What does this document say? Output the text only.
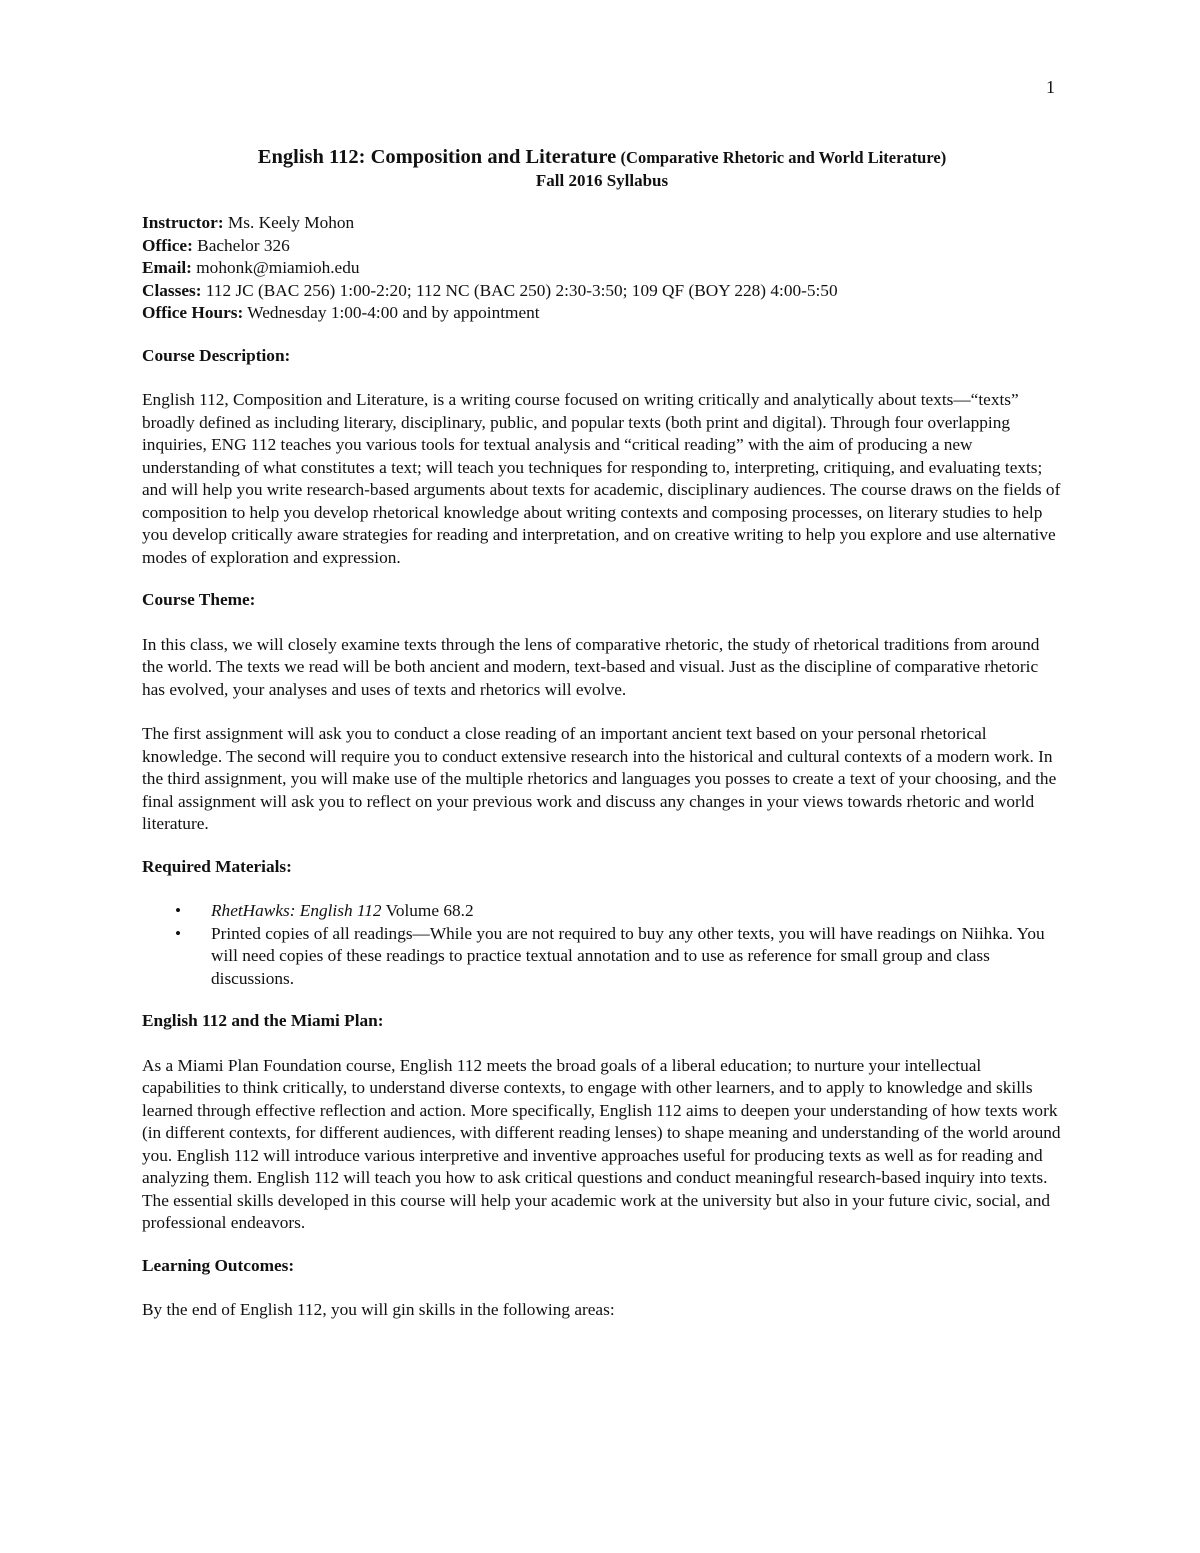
1

English 112: Composition and Literature (Comparative Rhetoric and World Literature)

Fall 2016 Syllabus

Instructor: Ms. Keely Mohon

Office: Bachelor 326

Email: mohonk@miamioh.edu

Classes: 112 JC (BAC 256) 1:00-2:20; 112 NC (BAC 250) 2:30-3:50; 109 QF (BOY 228) 4:00-5:50

Office Hours: Wednesday 1:00-4:00 and by appointment

Course Description:

English 112, Composition and Literature, is a writing course focused on writing critically and analytically about texts—“texts” broadly defined as including literary, disciplinary, public, and popular texts (both print and digital). Through four overlapping inquiries, ENG 112 teaches you various tools for textual analysis and “critical reading” with the aim of producing a new understanding of what constitutes a text; will teach you techniques for responding to, interpreting, critiquing, and evaluating texts; and will help you write research-based arguments about texts for academic, disciplinary audiences. The course draws on the fields of composition to help you develop rhetorical knowledge about writing contexts and composing processes, on literary studies to help you develop critically aware strategies for reading and interpretation, and on creative writing to help you explore and use alternative modes of exploration and expression.

Course Theme:

In this class, we will closely examine texts through the lens of comparative rhetoric, the study of rhetorical traditions from around the world. The texts we read will be both ancient and modern, text-based and visual. Just as the discipline of comparative rhetoric has evolved, your analyses and uses of texts and rhetorics will evolve.

The first assignment will ask you to conduct a close reading of an important ancient text based on your personal rhetorical knowledge. The second will require you to conduct extensive research into the historical and cultural contexts of a modern work. In the third assignment, you will make use of the multiple rhetorics and languages you posses to create a text of your choosing, and the final assignment will ask you to reflect on your previous work and discuss any changes in your views towards rhetoric and world literature.

Required Materials:
• RhetHawks: English 112 Volume 68.2
• Printed copies of all readings—While you are not required to buy any other texts, you will have readings on Niihka. You will need copies of these readings to practice textual annotation and to use as reference for small group and class discussions.
English 112 and the Miami Plan:

As a Miami Plan Foundation course, English 112 meets the broad goals of a liberal education; to nurture your intellectual capabilities to think critically, to understand diverse contexts, to engage with other learners, and to apply to knowledge and skills learned through effective reflection and action. More specifically, English 112 aims to deepen your understanding of how texts work (in different contexts, for different audiences, with different reading lenses) to shape meaning and understanding of the world around you. English 112 will introduce various interpretive and inventive approaches useful for producing texts as well as for reading and analyzing them. English 112 will teach you how to ask critical questions and conduct meaningful research-based inquiry into texts. The essential skills developed in this course will help your academic work at the university but also in your future civic, social, and professional endeavors.

Learning Outcomes:

By the end of English 112, you will gin skills in the following areas:
